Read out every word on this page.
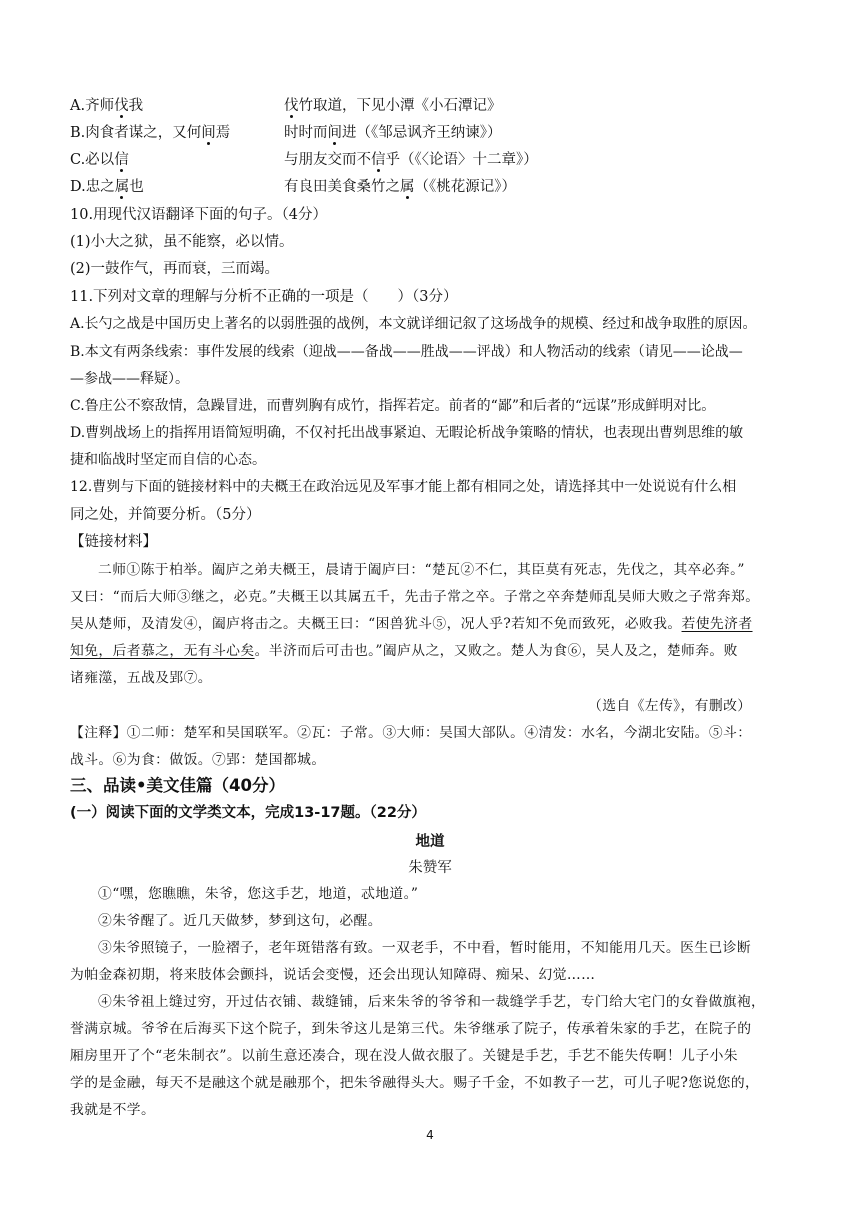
A.齐师伐我	伐竹取道，下见小潭《小石潭记》
B.肉食者谋之，又何间焉	时时而间进（《邹忌讽齐王纳谏》）
C.必以信	与朋友交而不信乎（《〈论语〉十二章》）
D.忠之属也	有良田美食桑竹之属（《桃花源记》）
10.用现代汉语翻译下面的句子。（4分）
(1)小大之狱，虽不能察，必以情。
(2)一鼓作气，再而衰，三而竭。
11.下列对文章的理解与分析不正确的一项是（　　）（3分）
A.长勺之战是中国历史上著名的以弱胜强的战例，本文就详细记叙了这场战争的规模、经过和战争取胜的原因。
B.本文有两条线索：事件发展的线索（迎战——备战——胜战——评战）和人物活动的线索（请见——论战—
—参战——释疑）。
C.鲁庄公不察敌情，急躁冒进，而曹刿胸有成竹，指挥若定。前者的“鄙”和后者的“远谋”形成鲜明对比。
D.曹刿战场上的指挥用语简短明确，不仅衬托出战事紧迫、无暇论析战争策略的情状，也表现出曹刿思维的敏
捷和临战时坚定而自信的心态。
12.曹刿与下面的链接材料中的夫概王在政治远见及军事才能上都有相同之处，请选择其中一处说说有什么相
同之处，并简要分析。（5分）
【链接材料】
二师①陈于柏举。阖庐之弟夫概王，晨请于阖庐曰：“楚瓦②不仁，其臣莫有死志，先伐之，其卒必奔。”
又曰：“而后大师③继之，必克。”夫概王以其属五千，先击子常之卒。子常之卒奔楚师乱吴师大败之子常奔郑。
吴从楚师，及清发④，阖庐将击之。夫概王曰：“困兽犹斗⑤，况人乎?若知不免而致死，必败我。若使先济者
知免，后者慕之，无有斗心矣。半济而后可击也。”阖庐从之，又败之。楚人为食⑥，吴人及之，楚师奔。败
诸雍澨，五战及郢⑦。
（选自《左传》，有删改）
【注释】①二师：楚军和吴国联军。②瓦：子常。③大师：吴国大部队。④清发：水名，今湖北安陆。⑤斗：
战斗。⑥为食：做饭。⑦郢：楚国都城。
三、品读•美文佳篇（40分）
(一）阅读下面的文学类文本，完成13-17题。（22分）
地道
朱赞军
①“嘿，您瞧瞧，朱爷，您这手艺，地道，忒地道。”
②朱爷醒了。近几天做梦，梦到这句，必醒。
③朱爷照镜子，一脸褶子，老年斑错落有致。一双老手，不中看，暂时能用，不知能用几天。医生已诊断
为帕金森初期，将来肢体会颤抖，说话会变慢，还会出现认知障碍、痴呆、幻觉……
④朱爷祖上缝过穷，开过估衣铺、裁缝铺，后来朱爷的爷爷和一裁缝学手艺，专门给大宅门的女眷做旗袍，
誉满京城。爷爷在后海买下这个院子，到朱爷这儿是第三代。朱爷继承了院子，传承着朱家的手艺，在院子的
厢房里开了个“老朱制衣”。以前生意还凑合，现在没人做衣服了。关键是手艺，手艺不能失传啊！儿子小朱
学的是金融，每天不是融这个就是融那个，把朱爷融得头大。赐子千金，不如教子一艺，可儿子呢?您说您的，
我就是不学。
4
